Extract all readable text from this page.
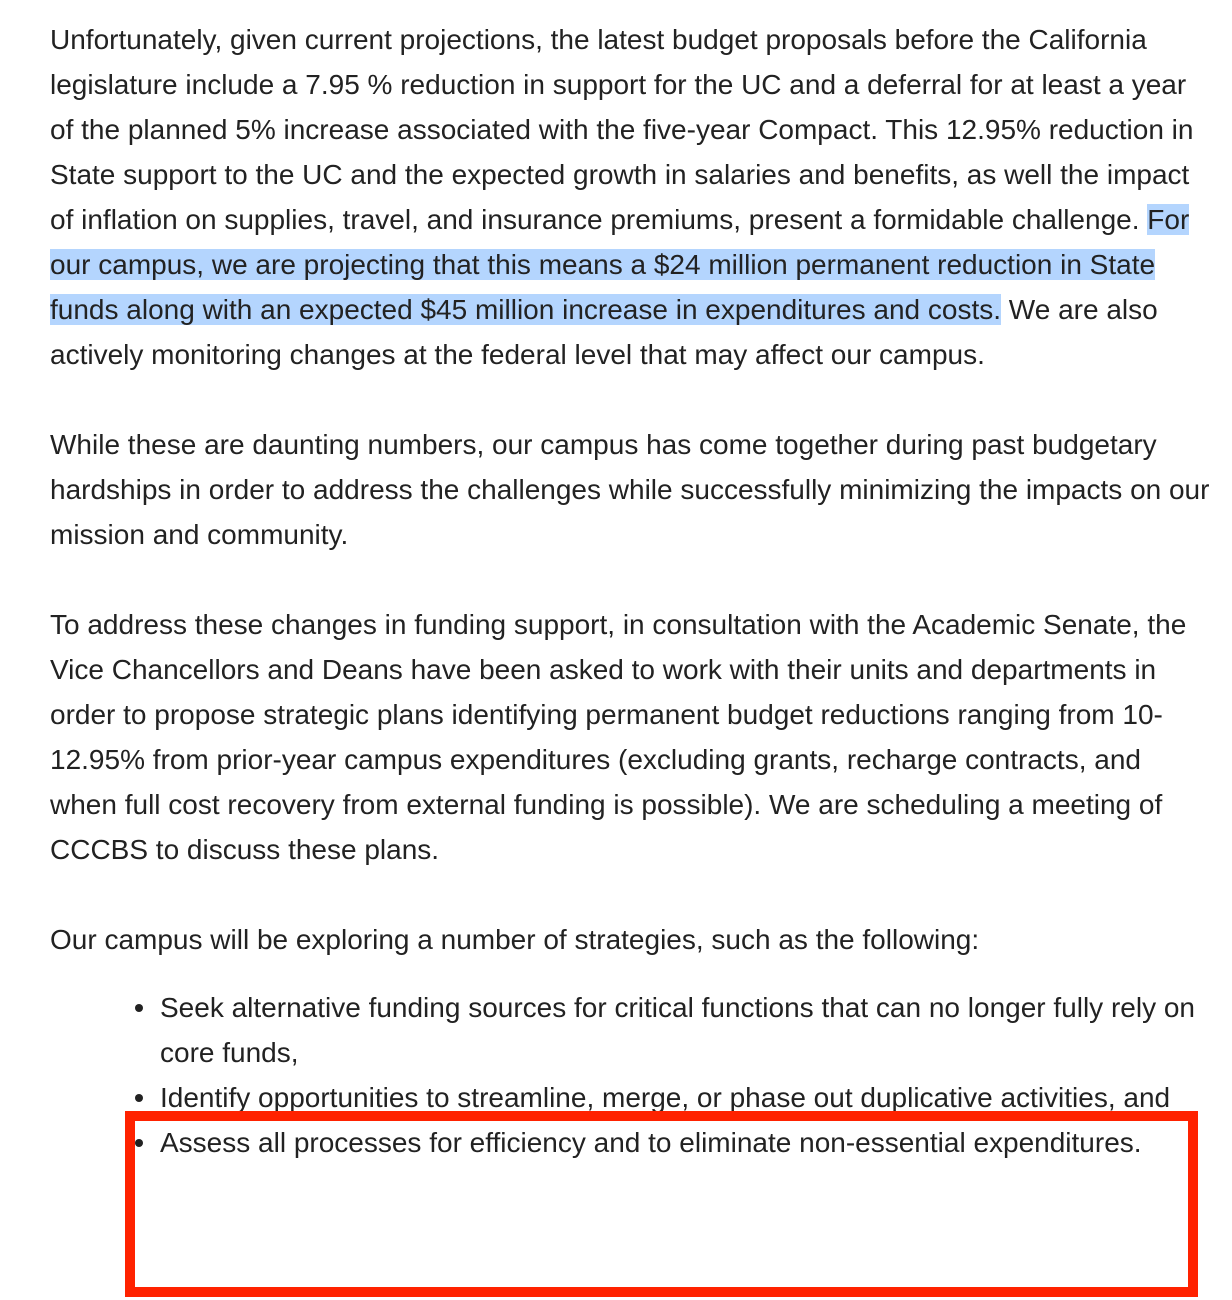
Unfortunately, given current projections, the latest budget proposals before the California legislature include a 7.95 % reduction in support for the UC and a deferral for at least a year of the planned 5% increase associated with the five-year Compact. This 12.95% reduction in State support to the UC and the expected growth in salaries and benefits, as well the impact of inflation on supplies, travel, and insurance premiums, present a formidable challenge. For our campus, we are projecting that this means a $24 million permanent reduction in State funds along with an expected $45 million increase in expenditures and costs. We are also actively monitoring changes at the federal level that may affect our campus.

While these are daunting numbers, our campus has come together during past budgetary hardships in order to address the challenges while successfully minimizing the impacts on our mission and community.

To address these changes in funding support, in consultation with the Academic Senate, the Vice Chancellors and Deans have been asked to work with their units and departments in order to propose strategic plans identifying permanent budget reductions ranging from 10-12.95% from prior-year campus expenditures (excluding grants, recharge contracts, and when full cost recovery from external funding is possible). We are scheduling a meeting of CCCBS to discuss these plans.

Our campus will be exploring a number of strategies, such as the following:

Seek alternative funding sources for critical functions that can no longer fully rely on core funds,
Identify opportunities to streamline, merge, or phase out duplicative activities, and
Assess all processes for efficiency and to eliminate non-essential expenditures.
